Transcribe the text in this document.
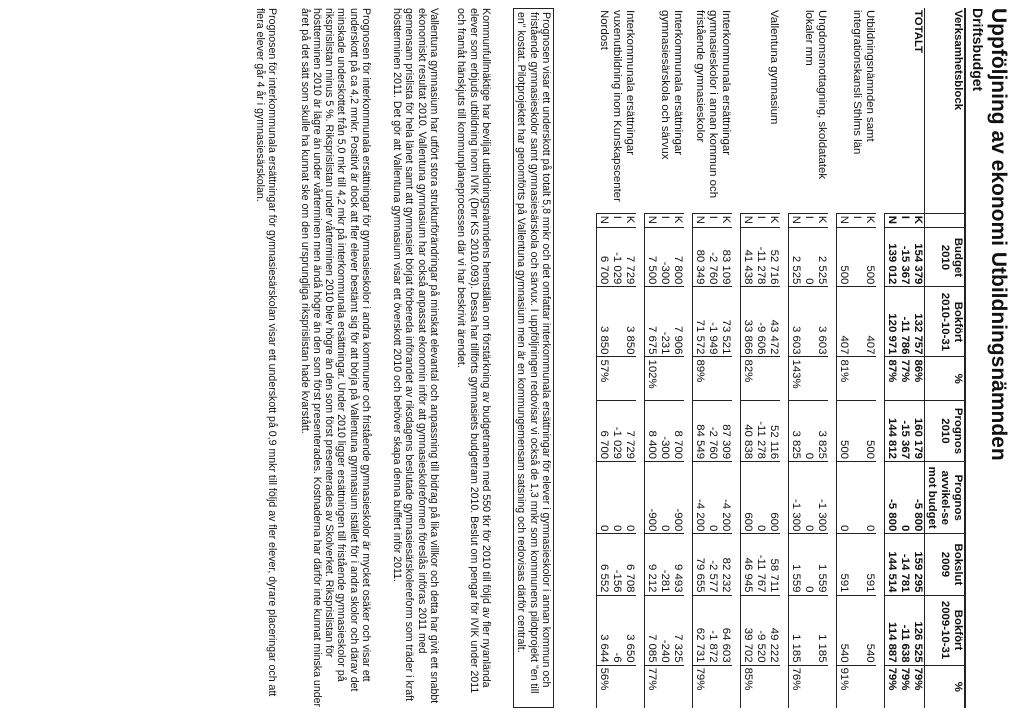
Uppföljning av ekonomi Utbildningsnämnden
Driftsbudget
Verksamhetsblock		Budget 2010	Bokfört 2010-10-31	%	Prognos 2010	Prognos avvikel-se mot budget	Bokslut 2009	Bokfört 2009-10-31	%
TOTALT	K	154 379	132 757	86%	160 179	-5 800	159 295	126 525	79%
	I	-15 367	-11 786	77%	-15 367	0	-14 781	-11 638	79%
	N	139 012	120 971	87%	144 812	-5 800	144 514	114 887	79%

Utbildningsnämnden samt integrationskansli Sthlms län	K	500	407		500	0	591	540	
	I								
	N	500	407	81%	500	0	591	540	91%

Ungdomsmottagning, skoldatatek lokaler mm	K	2 525	3 603		3 825	-1 300	1 559	1 185	
	I	0			0	0	0		
	N	2 525	3 603	143%	3 825	-1 300	1 559	1 185	76%

Vallentuna gymnasium	K	52 716	43 472		52 116	600	58 711	49 222	
	I	-11 278	-9 606		-11 278	0	-11 767	-9 520	
	N	41 438	33 866	82%	40 838	600	46 945	39 702	85%

Interkommunala ersättningar gymnasieskolor i annan kommun och fristående gymnasieskolor	K	83 109	73 521		87 309	-4 200	82 232	64 603	
	I	-2 760	-1 949		-2 760	0	-2 577	-1 872	
	N	80 349	71 572	89%	84 549	-4 200	79 655	62 731	79%

Interkommunala ersättningar gymnasiesärskola och särvux	K	7 800	7 906		8 700	-900	9 493	7 325	
	I	-300	-231		-300	0	-281	-240	
	N	7 500	7 675	102%	8 400	-900	9 212	7 085	77%

Interkommunala ersättningar vuxenutbildning inom Kunskapscenter Nordost	K	7 729	3 850		7 729	0	6 708	3 650	
	I	-1 029			-1 029	0	-156	-6	
	N	6 700	3 850	57%	6 700	0	6 552	3 644	56%

Prognosen visar ett underskott på totalt 5,8 mnkr och det omfattar interkommunala ersättningar för elever i gymnasieskolor i annan kommun och fristående gymnasieskolor samt gymnasiesärskola och särvux. I uppföljningen redovisar vi också de 1,3 mnkr som kommunens pilotprojekt "en till en" kostat. Pilotprojektet har genomförts på Vallentuna gymnasium men är en kommungemensam satsning och redovisas därför centralt.

Kommunfullmäktige har beviljat utbildningsnämndens hemställan om förstärkning av budgetramen med 550 tkr för 2010 till följd av fler nyanlända elever som erbjuds utbildning inom IVIK (Dnr KS 2010.093). Dessa har tillförts gymnasiets budgetram 2010. Beslut om pengar för IVIK under 2011 och framåt hänskjuts till kommunplaneprocessen där vi har beskrivit ärendet.

Vallentuna gymnasium har utfört stora strukturförändringar på minskat elevantal och anpassning till bidrag på lika villkor och detta har givit ett snabbt ekonomiskt resultat 2010. Vallentuna gymnasium har också anpassat ekonomin inför att gymnasieskolreformen föreslås införas 2011 med gemensam prislista för hela länet samt att gymnasiet börjat förbereda införandet av riksdagens beslutade gymnasiesärskolereform som träder i kraft höstterminen 2011. Det gör att Vallentuna gymnasium visar ett överskott 2010 och behöver skapa denna buffert inför 2011.

Prognosen för interkommunala ersättningar för gymnasieskolor i andra kommuner och fristående gymnasieskolor är mycket osäker och visar ett underskott på ca 4,2 mnkr. Positivt är dock att fler elever bestämt sig för att börja på Vallentuna gymnasium istället för i andra skolor och därav det minskade underskottet från 5,0 mkr till 4,2 mkr på interkommunala ersättningar. Under 2010 ligger ersättningen till fristående gymnasieskolor på riksprislistan minus 5 %. Riksprislistan under vårterminen 2010 blev högre än den som först presenterades av Skolverket. Riksprislistan för höstterminen 2010 är lägre än under vårterminen men ändå högre än den som först presenterades. Kostnaderna har därför inte kunnat minska under året på det sätt som skulle ha kunnat ske om den ursprungliga riksprislistan hade kvarstått.

Prognosen för interkommunala ersättningar för gymnasiesärskolan visar ett underskott på 0,9 mnkr till följd av fler elever, dyrare placeringar och att flera elever går 4 år i gymnasiesärskolan.
